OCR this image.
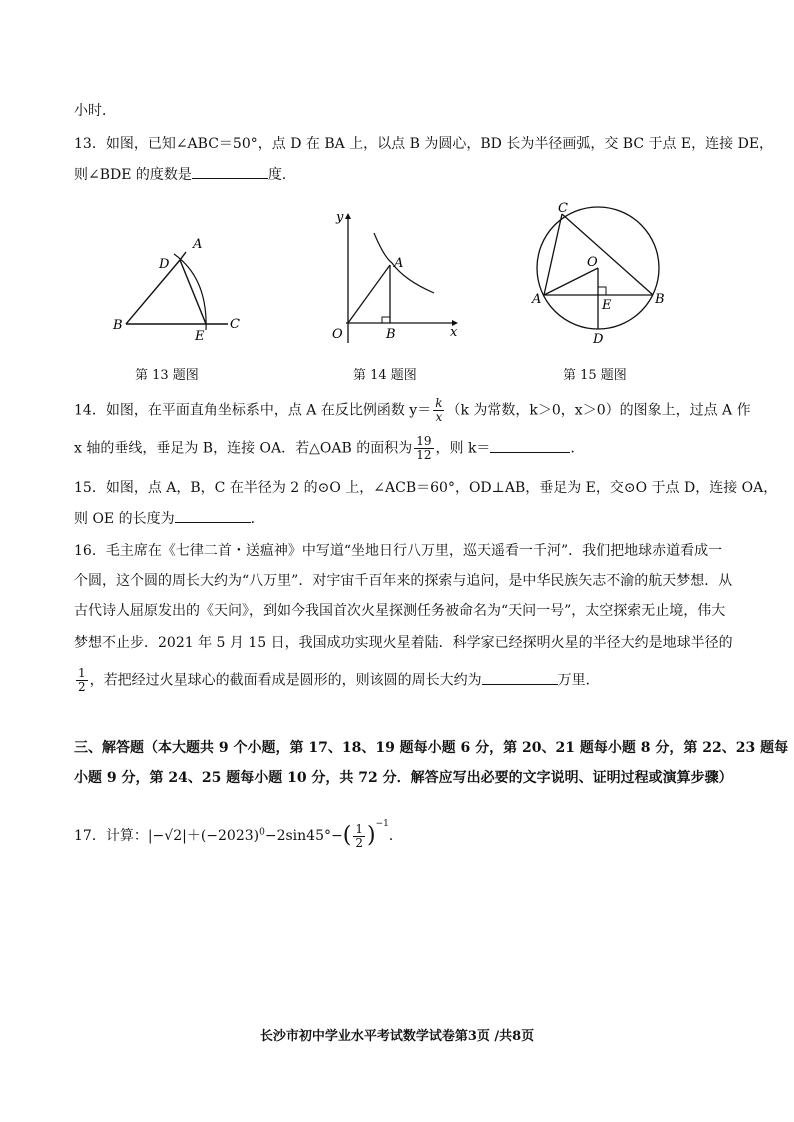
小时．
13．如图，已知∠ABC＝50°，点 D 在 BA 上，以点 B 为圆心，BD 长为半径画弧，交 BC 于点 E，连接 DE，
则∠BDE 的度数是	度．
A
D
B
E
C
第 13 题图
y
A
O	B	x
第 14 题图
C
O
A	E	B
D
第 15 题图
14．如图，在平面直角坐标系中，点 A 在反比例函数 $y= \frac{k}{x} (k$ 为常数，k＞0，x＞0）的图象上，过点 A 作
x 轴的垂线，垂足为 B，连接 OA．若△OAB 的面积为 $\frac{19}{12}$ ，则 k＝	．
15．如图，点 A，B，C 在半径为 2 的⊙O 上，∠ACB＝60°，OD⊥AB，垂足为 E，交⊙O 于点 D，连接 OA，
则 OE 的长度为	．
16．毛主席在《七律二首・送瘟神》中写道“坐地日行八万里，巡天遥看一千河”．我们把地球赤道看成一
个圆，这个圆的周长大约为“八万里”．对宇宙千百年来的探索与追问，是中华民族矢志不渝的航天梦想．从
古代诗人屈原发出的《天问》，到如今我国首次火星探测任务被命名为“天问一号”，太空探索无止境，伟大
梦想不止步．2021 年 5 月 15 日，我国成功实现火星着陆．科学家已经探明火星的半径大约是地球半径的
$\frac{1}{2}$ ，若把经过火星球心的截面看成是圆形的，则该圆的周长大约为	万里．
三、解答题（本大题共 9 个小题，第 17、18、19 题每小题 6 分，第 20、21 题每小题 8 分，第 22、23 题每
小题 9 分，第 24、25 题每小题 10 分，共 72 分．解答应写出必要的文字说明、证明过程或演算步骤）
17．计算：$|-√2|+(-2023)^0-2\sin 45^\circ-( \frac{1}{2} )^{-1}$．
长沙市初中学业水平考试数学试卷第3页 /共8页
